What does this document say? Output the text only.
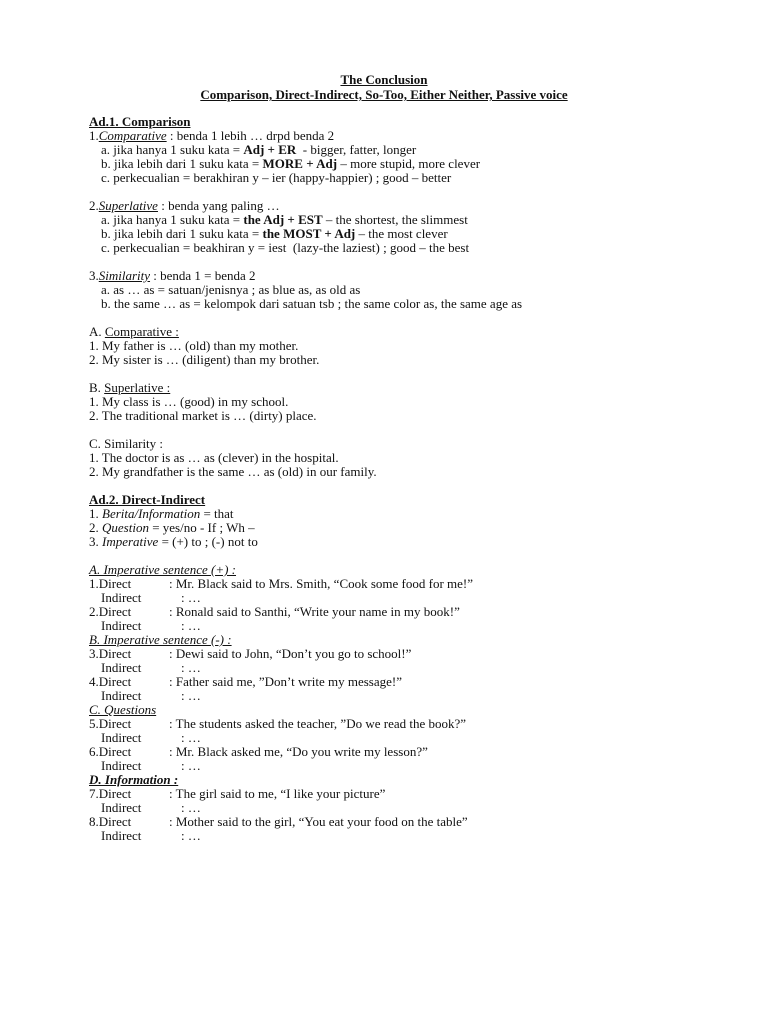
The Conclusion
Comparison, Direct-Indirect, So-Too, Either Neither, Passive voice
Ad.1. Comparison
1.Comparative : benda 1 lebih … drpd benda 2
a. jika hanya 1 suku kata = Adj + ER  - bigger, fatter, longer
b. jika lebih dari 1 suku kata = MORE + Adj – more stupid, more clever
c. perkecualian = berakhiran y – ier (happy-happier) ; good – better
2.Superlative : benda yang paling …
a. jika hanya 1 suku kata = the Adj + EST – the shortest, the slimmest
b. jika lebih dari 1 suku kata = the MOST + Adj – the most clever
c. perkecualian = beakhiran y = iest  (lazy-the laziest) ; good – the best
3.Similarity : benda 1 = benda 2
a. as … as = satuan/jenisnya ; as blue as, as old as
b. the same … as = kelompok dari satuan tsb ; the same color as, the same age as
A. Comparative :
1. My father is … (old) than my mother.
2. My sister is … (diligent) than my brother.
B. Superlative :
1. My class is … (good) in my school.
2. The traditional market is … (dirty) place.
C. Similarity :
1. The doctor is as … as (clever) in the hospital.
2. My grandfather is the same … as (old) in our family.
Ad.2. Direct-Indirect
1. Berita/Information = that
2. Question = yes/no - If ; Wh –
3. Imperative = (+) to ; (-) not to
A. Imperative sentence (+) :
1.Direct	: Mr. Black said to Mrs. Smith, “Cook some food for me!”
Indirect	: …
2.Direct	: Ronald said to Santhi, “Write your name in my book!”
Indirect	: …
B. Imperative sentence (-) :
3.Direct	: Dewi said to John, “Don’t you go to school!”
Indirect	: …
4.Direct	: Father said me, ”Don’t write my message!”
Indirect	: …
C. Questions
5.Direct	: The students asked the teacher, ”Do we read the book?”
Indirect	: …
6.Direct	: Mr. Black asked me, “Do you write my lesson?”
Indirect	: …
D. Information :
7.Direct	: The girl said to me, “I like your picture”
Indirect	: …
8.Direct	: Mother said to the girl, “You eat your food on the table”
Indirect	: …
